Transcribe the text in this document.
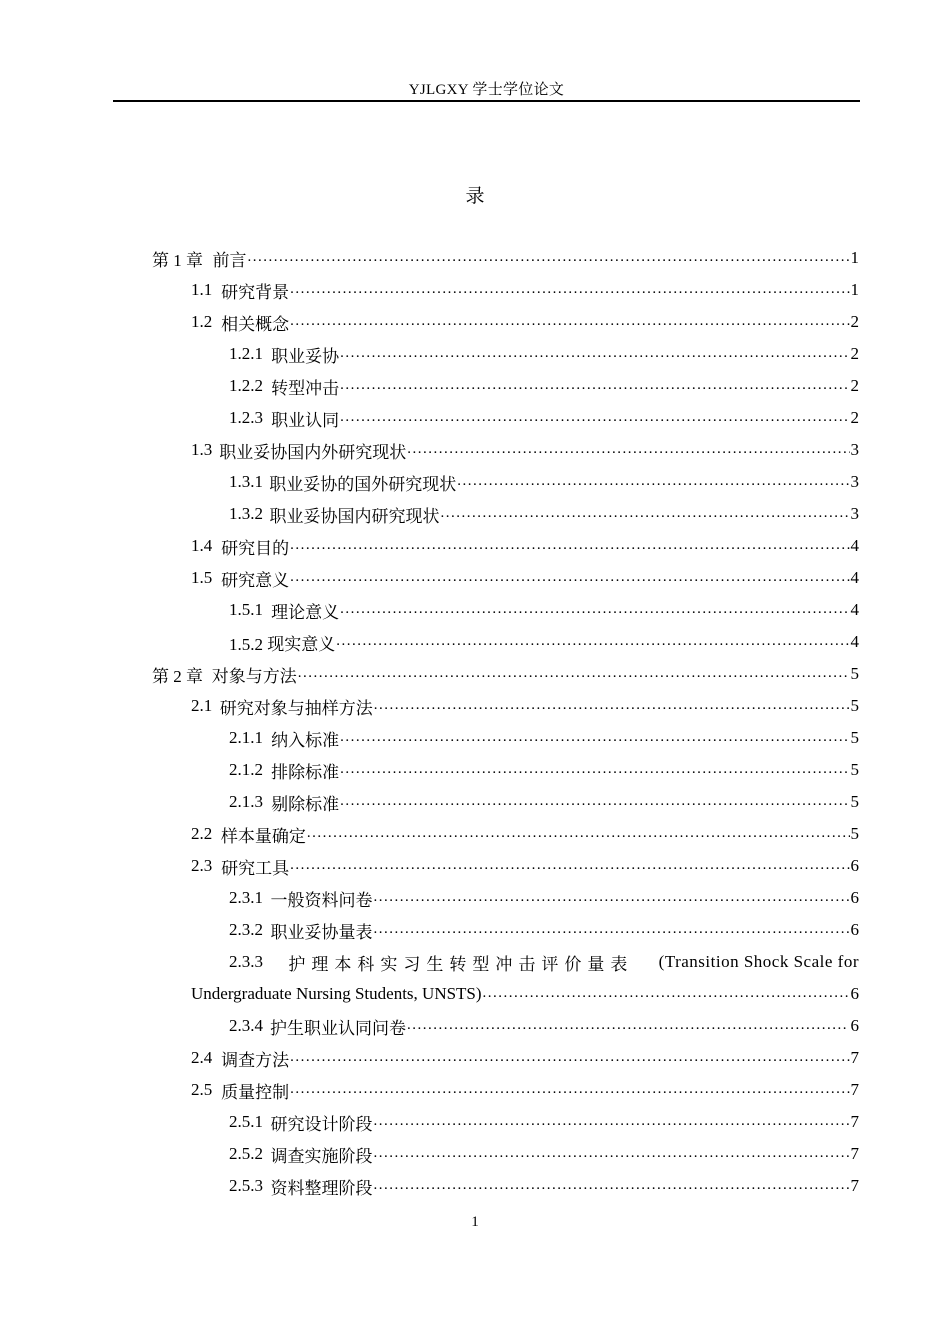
YJLGXY 学士学位论文
录
第 1 章 前言 .....	1
1.1 研究背景 .....	1
1.2 相关概念 .....	2
1.2.1 职业妥协 .....	2
1.2.2 转型冲击 .....	2
1.2.3 职业认同 .....	2
1.3 职业妥协国内外研究现状 .....	3
1.3.1 职业妥协的国外研究现状 .....	3
1.3.2 职业妥协国内研究现状 .....	3
1.4 研究目的 .....	4
1.5 研究意义 .....	4
1.5.1 理论意义 .....	4
1.5.2 现实意义 .....	4
第 2 章 对象与方法 .....	5
2.1 研究对象与抽样方法 .....	5
2.1.1 纳入标准 .....	5
2.1.2 排除标准 .....	5
2.1.3 剔除标准 .....	5
2.2 样本量确定 .....	5
2.3 研究工具 .....	6
2.3.1 一般资料问卷 .....	6
2.3.2 职业妥协量表 .....	6
2.3.3 护理本科实习生转型冲击评价量表 (Transition Shock Scale for
Undergraduate Nursing Students, UNSTS) .....	6
2.3.4 护生职业认同问卷 .....	6
2.4 调查方法 .....	7
2.5 质量控制 .....	7
2.5.1 研究设计阶段 .....	7
2.5.2 调查实施阶段 .....	7
2.5.3 资料整理阶段 .....	7
1
